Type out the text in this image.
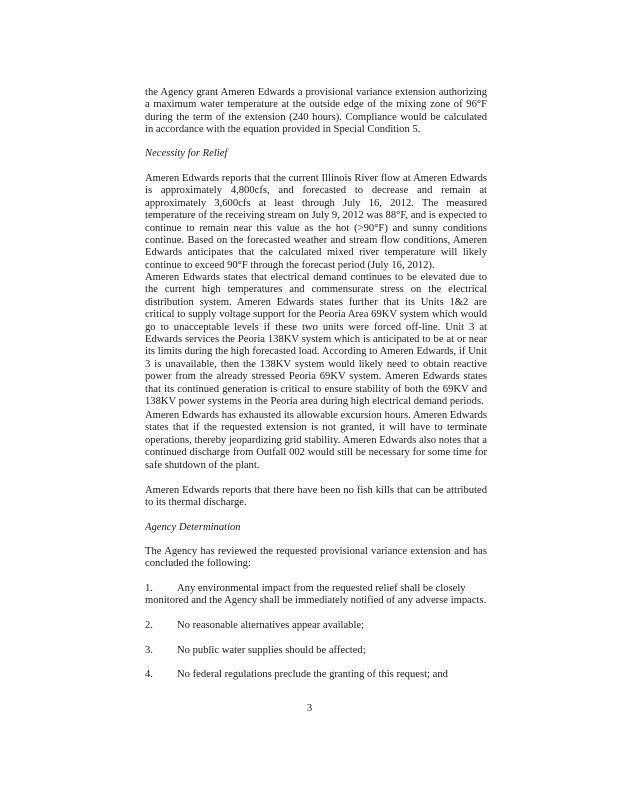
the Agency grant Ameren Edwards a provisional variance extension authorizing a maximum water temperature at the outside edge of the mixing zone of 96°F during the term of the extension (240 hours). Compliance would be calculated in accordance with the equation provided in Special Condition 5.

Necessity for Relief

Ameren Edwards reports that the current Illinois River flow at Ameren Edwards is approximately 4,800cfs, and forecasted to decrease and remain at approximately 3,600cfs at least through July 16, 2012. The measured temperature of the receiving stream on July 9, 2012 was 88°F, and is expected to continue to remain near this value as the hot (>90°F) and sunny conditions continue. Based on the forecasted weather and stream flow conditions, Ameren Edwards anticipates that the calculated mixed river temperature will likely continue to exceed 90°F through the forecast period (July 16, 2012).

Ameren Edwards states that electrical demand continues to be elevated due to the current high temperatures and commensurate stress on the electrical distribution system. Ameren Edwards states further that its Units 1&2 are critical to supply voltage support for the Peoria Area 69KV system which would go to unacceptable levels if these two units were forced off-line. Unit 3 at Edwards services the Peoria 138KV system which is anticipated to be at or near its limits during the high forecasted load. According to Ameren Edwards, if Unit 3 is unavailable, then the 138KV system would likely need to obtain reactive power from the already stressed Peoria 69KV system. Ameren Edwards states that its continued generation is critical to ensure stability of both the 69KV and 138KV power systems in the Peoria area during high electrical demand periods.

Ameren Edwards has exhausted its allowable excursion hours. Ameren Edwards states that if the requested extension is not granted, it will have to terminate operations, thereby jeopardizing grid stability. Ameren Edwards also notes that a continued discharge from Outfall 002 would still be necessary for some time for safe shutdown of the plant.

Ameren Edwards reports that there have been no fish kills that can be attributed to its thermal discharge.

Agency Determination

The Agency has reviewed the requested provisional variance extension and has concluded the following:

1. Any environmental impact from the requested relief shall be closely
monitored and the Agency shall be immediately notified of any adverse impacts.
2. No reasonable alternatives appear available;
3. No public water supplies should be affected;
4. No federal regulations preclude the granting of this request; and
3
